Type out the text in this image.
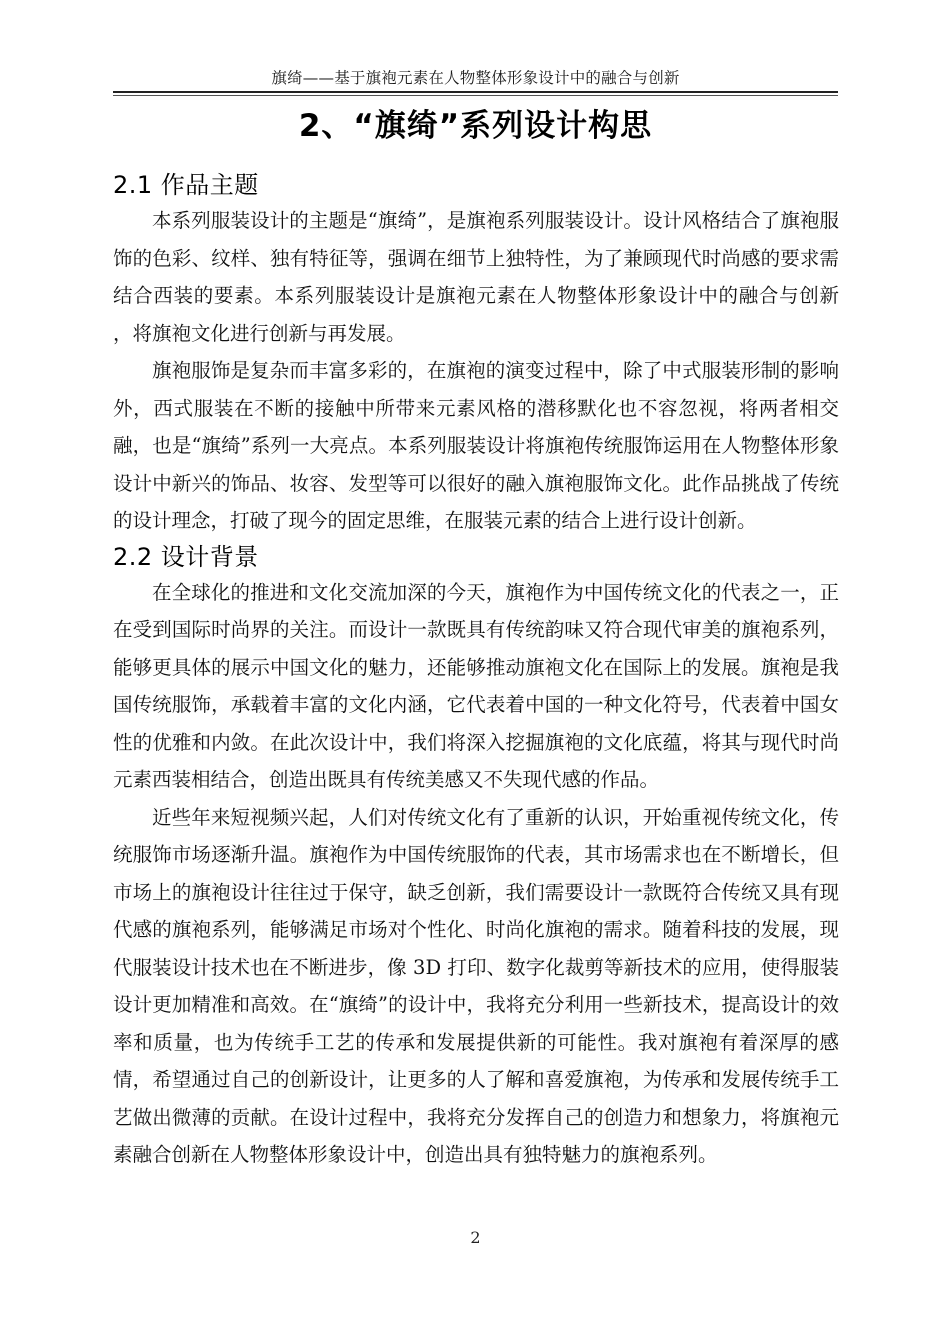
旗绮——基于旗袍元素在人物整体形象设计中的融合与创新
2、“旗绮”系列设计构思
2.1 作品主题

本系列服装设计的主题是“旗绮”，是旗袍系列服装设计。设计风格结合了旗袍服饰的色彩、纹样、独有特征等，强调在细节上独特性，为了兼顾现代时尚感的要求需结合西装的要素。本系列服装设计是旗袍元素在人物整体形象设计中的融合与创新 ，将旗袍文化进行创新与再发展。

旗袍服饰是复杂而丰富多彩的，在旗袍的演变过程中，除了中式服装形制的影响外，西式服装在不断的接触中所带来元素风格的潜移默化也不容忽视，将两者相交融，也是“旗绮”系列一大亮点。本系列服装设计将旗袍传统服饰运用在人物整体形象设计中新兴的饰品、妆容、发型等可以很好的融入旗袍服饰文化。此作品挑战了传统的设计理念，打破了现今的固定思维，在服装元素的结合上进行设计创新。

2.2 设计背景

在全球化的推进和文化交流加深的今天，旗袍作为中国传统文化的代表之一，正在受到国际时尚界的关注。而设计一款既具有传统韵味又符合现代审美的旗袍系列，能够更具体的展示中国文化的魅力，还能够推动旗袍文化在国际上的发展。旗袍是我国传统服饰，承载着丰富的文化内涵，它代表着中国的一种文化符号，代表着中国女性的优雅和内敛。在此次设计中，我们将深入挖掘旗袍的文化底蕴，将其与现代时尚元素西装相结合，创造出既具有传统美感又不失现代感的作品。

近些年来短视频兴起，人们对传统文化有了重新的认识，开始重视传统文化，传统服饰市场逐渐升温。旗袍作为中国传统服饰的代表，其市场需求也在不断增长，但市场上的旗袍设计往往过于保守，缺乏创新，我们需要设计一款既符合传统又具有现代感的旗袍系列，能够满足市场对个性化、时尚化旗袍的需求。随着科技的发展，现代服装设计技术也在不断进步，像 3D 打印、数字化裁剪等新技术的应用，使得服装设计更加精准和高效。在“旗绮”的设计中，我将充分利用一些新技术，提高设计的效率和质量，也为传统手工艺的传承和发展提供新的可能性。我对旗袍有着深厚的感情，希望通过自己的创新设计，让更多的人了解和喜爱旗袍，为传承和发展传统手工艺做出微薄的贡献。在设计过程中，我将充分发挥自己的创造力和想象力，将旗袍元素融合创新在人物整体形象设计中，创造出具有独特魅力的旗袍系列。

2
